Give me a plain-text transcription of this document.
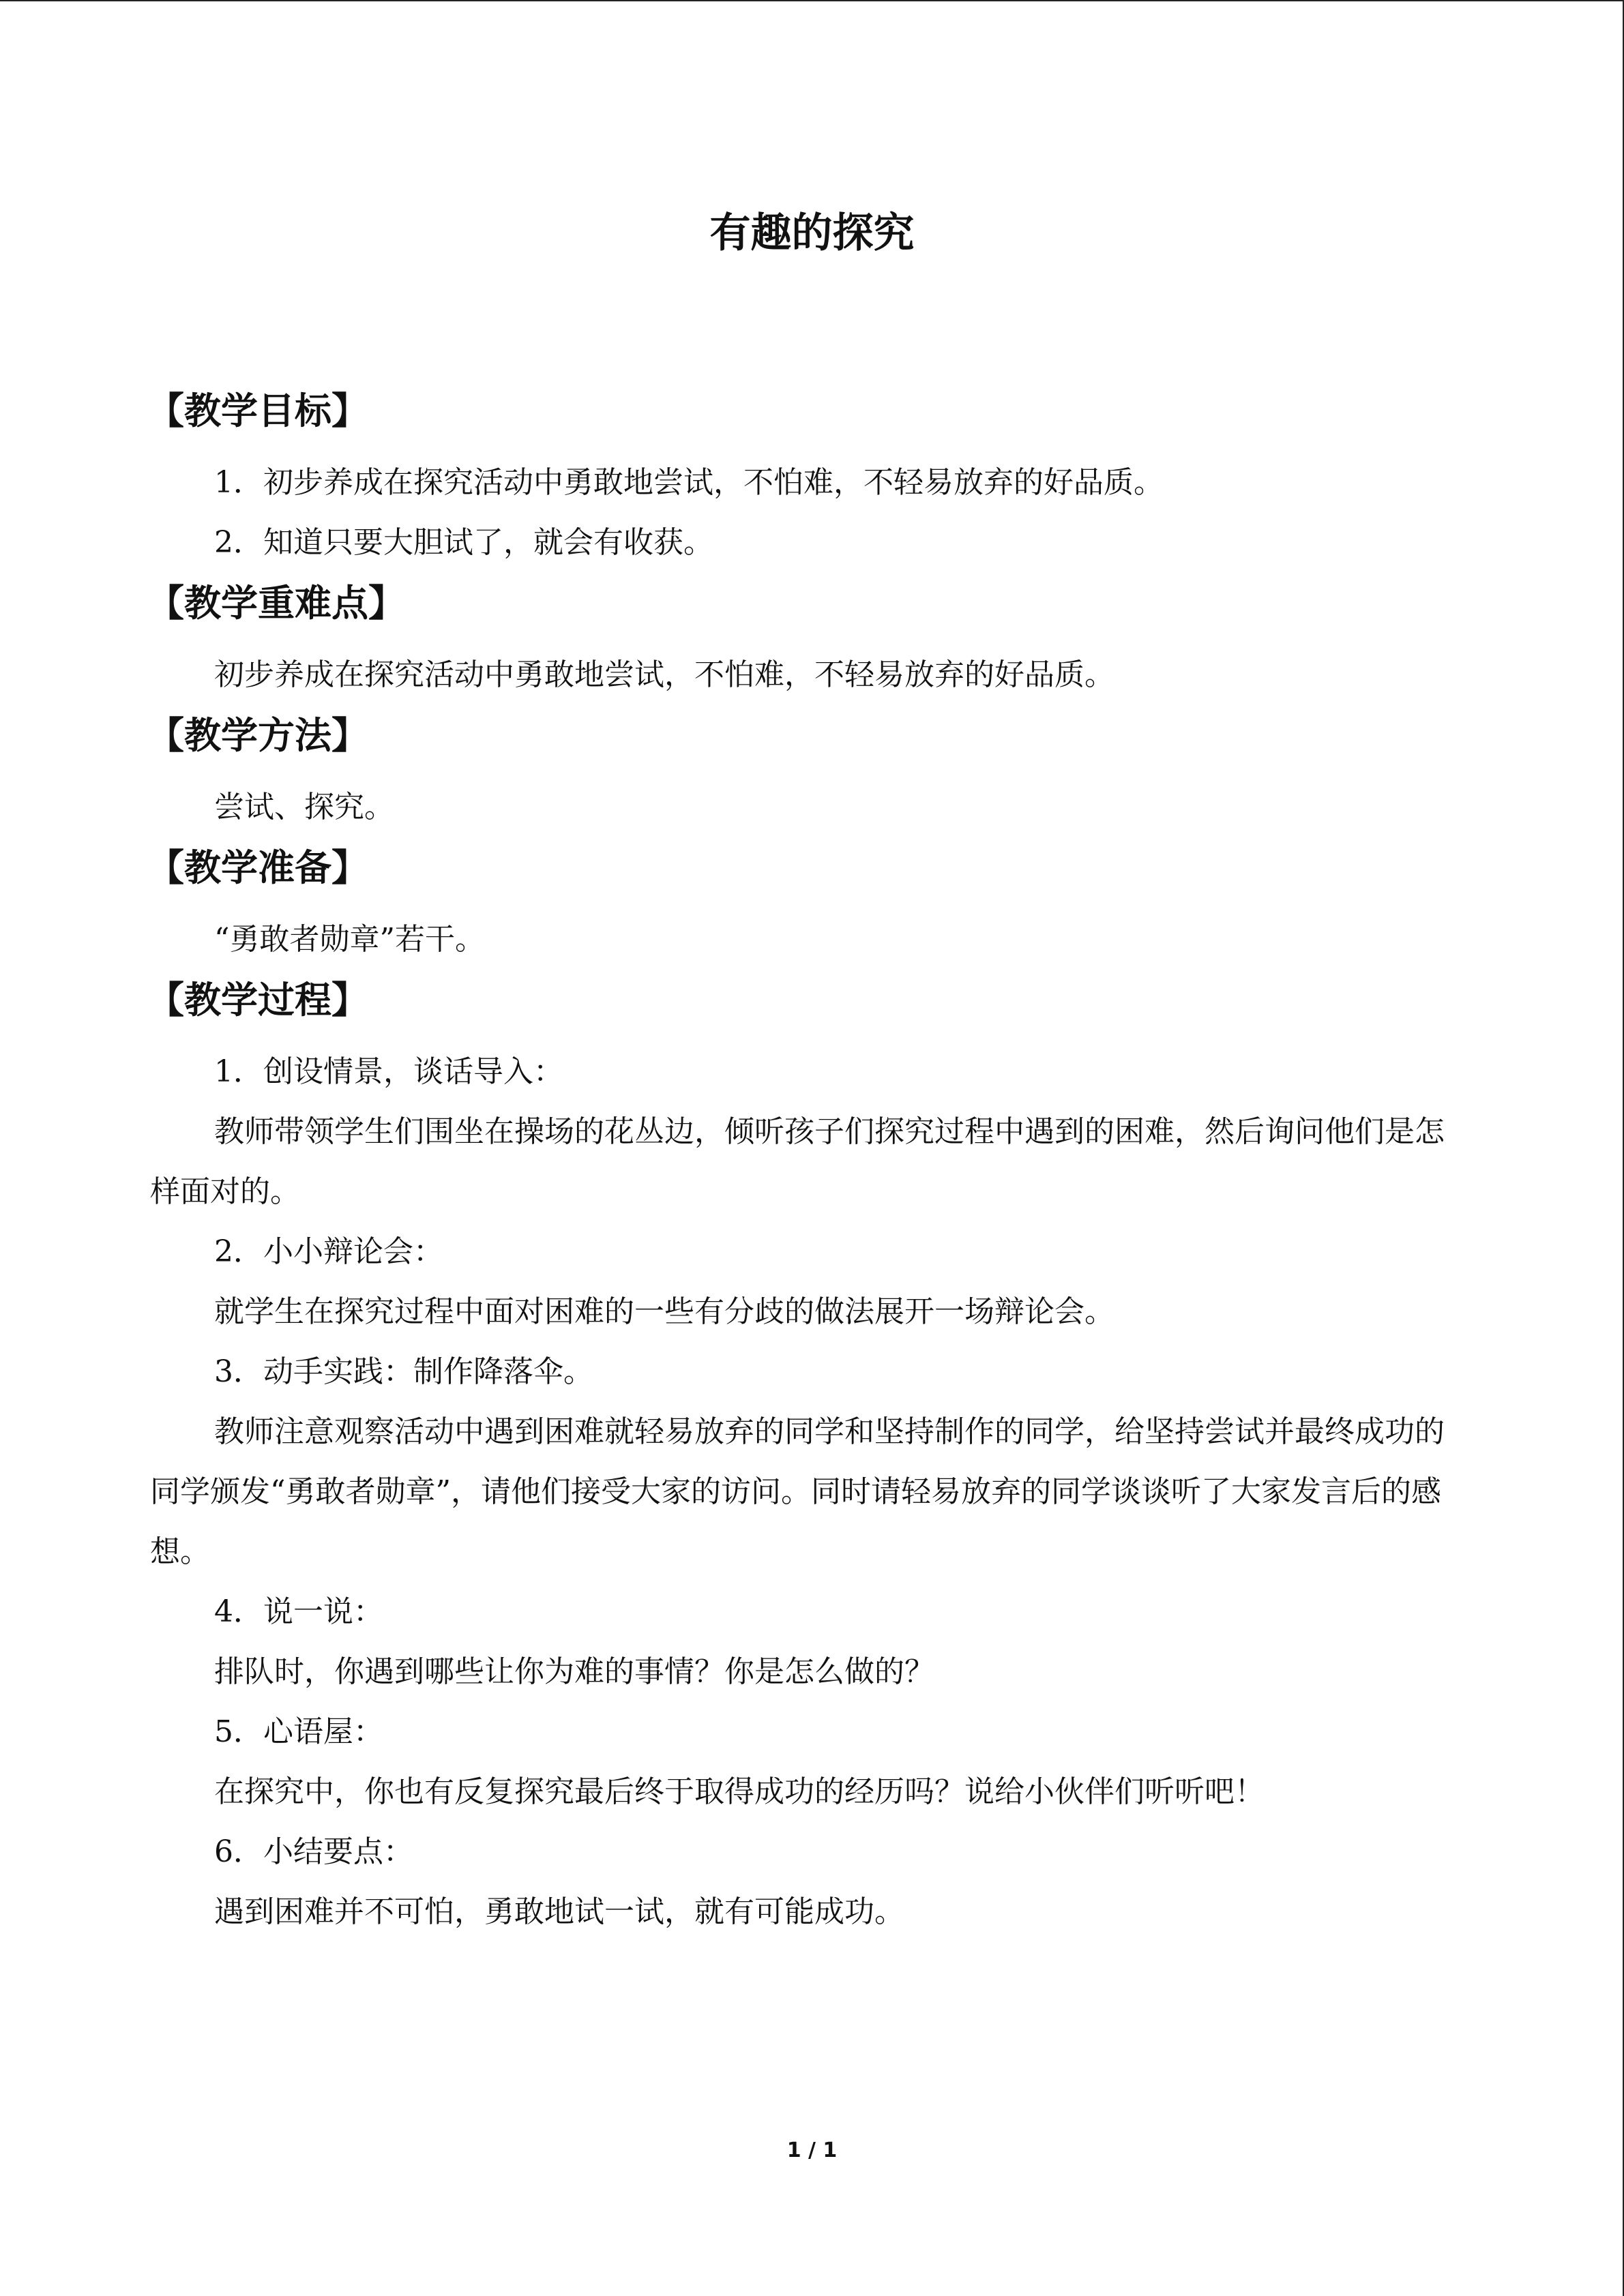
有趣的探究
【教学目标】

1．初步养成在探究活动中勇敢地尝试，不怕难，不轻易放弃的好品质。

2．知道只要大胆试了，就会有收获。

【教学重难点】

初步养成在探究活动中勇敢地尝试，不怕难，不轻易放弃的好品质。

【教学方法】

尝试、探究。

【教学准备】

“勇敢者勋章”若干。

【教学过程】

1．创设情景，谈话导入：

教师带领学生们围坐在操场的花丛边，倾听孩子们探究过程中遇到的困难，然后询问他们是怎样面对的。

2．小小辩论会：

就学生在探究过程中面对困难的一些有分歧的做法展开一场辩论会。

3．动手实践：制作降落伞。

教师注意观察活动中遇到困难就轻易放弃的同学和坚持制作的同学，给坚持尝试并最终成功的同学颁发“勇敢者勋章”，请他们接受大家的访问。同时请轻易放弃的同学谈谈听了大家发言后的感想。

4．说一说：

排队时，你遇到哪些让你为难的事情？你是怎么做的？

5．心语屋：

在探究中，你也有反复探究最后终于取得成功的经历吗？说给小伙伴们听听吧！

6．小结要点：

遇到困难并不可怕，勇敢地试一试，就有可能成功。

1 / 1
